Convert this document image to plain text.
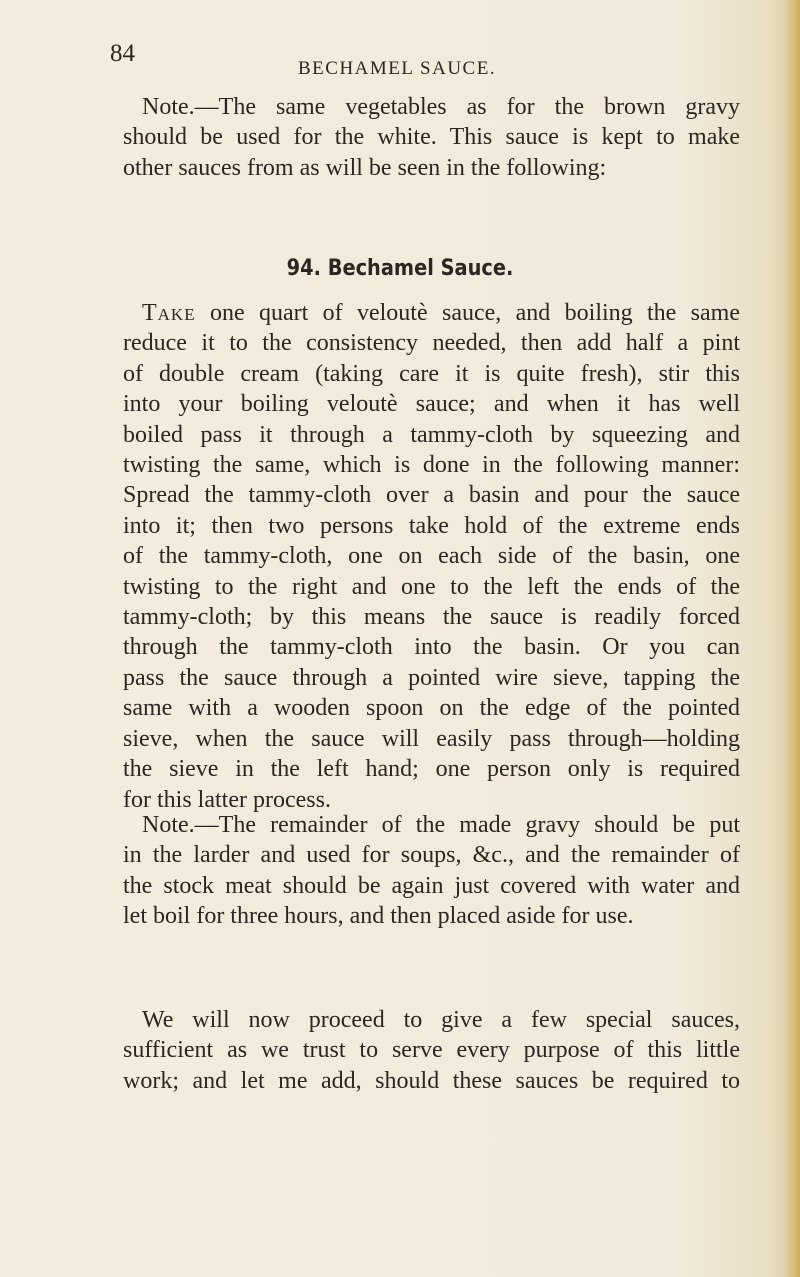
84
BECHAMEL SAUCE.
Note.—The same vegetables as for the brown gravy
should be used for the white. This sauce is kept to make
other sauces from as will be seen in the following:
94. Bechamel Sauce.
Take one quart of veloutè sauce, and boiling the same
reduce it to the consistency needed, then add half a pint
of double cream (taking care it is quite fresh), stir this
into your boiling veloutè sauce; and when it has well
boiled pass it through a tammy-cloth by squeezing and
twisting the same, which is done in the following manner:
Spread the tammy-cloth over a basin and pour the sauce
into it; then two persons take hold of the extreme ends
of the tammy-cloth, one on each side of the basin, one
twisting to the right and one to the left the ends of the
tammy-cloth; by this means the sauce is readily forced
through the tammy-cloth into the basin. Or you can
pass the sauce through a pointed wire sieve, tapping the
same with a wooden spoon on the edge of the pointed
sieve, when the sauce will easily pass through—holding
the sieve in the left hand; one person only is required
for this latter process.
Note.—The remainder of the made gravy should be put
in the larder and used for soups, &c., and the remainder of
the stock meat should be again just covered with water and
let boil for three hours, and then placed aside for use.
We will now proceed to give a few special sauces,
sufficient as we trust to serve every purpose of this little
work; and let me add, should these sauces be required to
